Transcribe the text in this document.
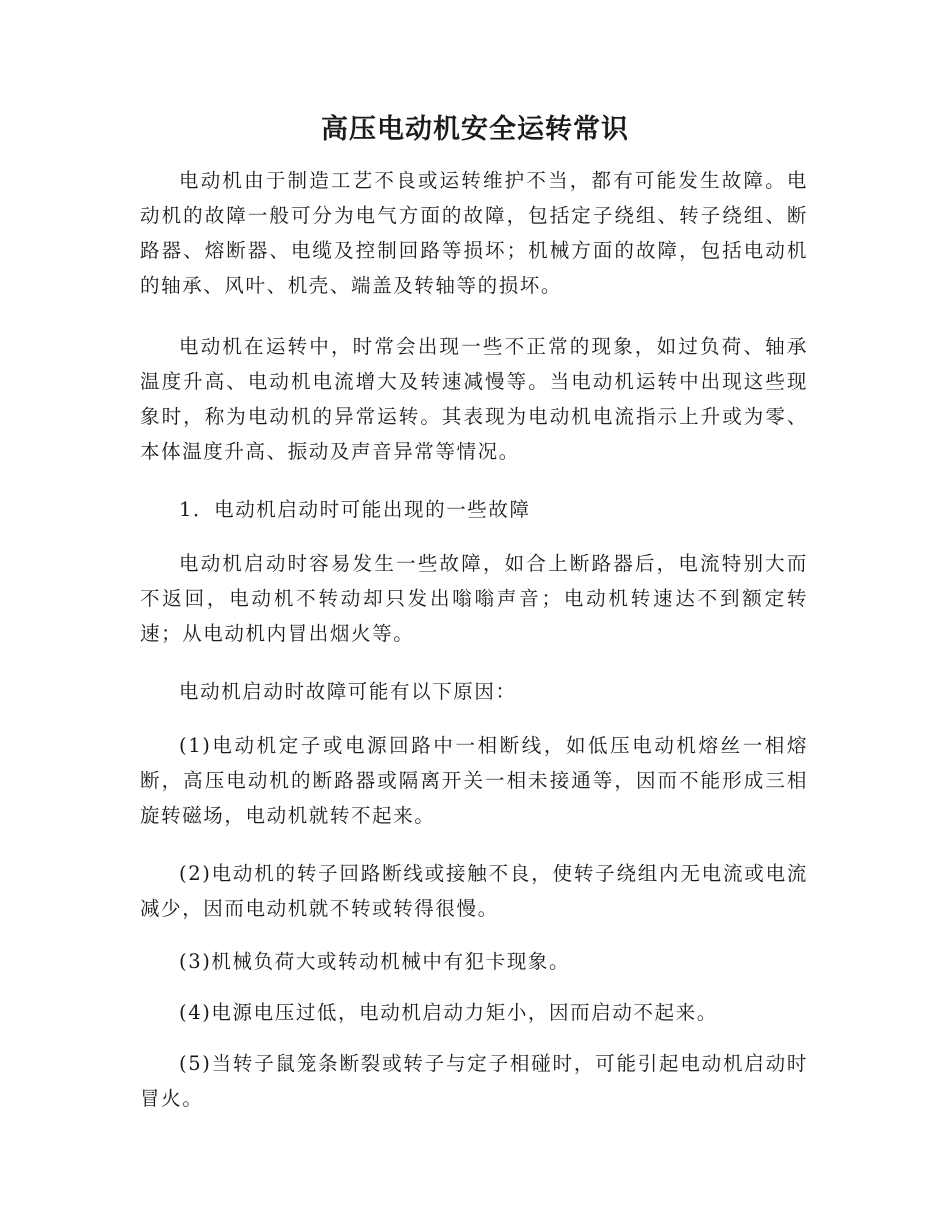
高压电动机安全运转常识

电动机由于制造工艺不良或运转维护不当，都有可能发生故障。电动机的故障一般可分为电气方面的故障，包括定子绕组、转子绕组、断路器、熔断器、电缆及控制回路等损坏；机械方面的故障，包括电动机的轴承、风叶、机壳、端盖及转轴等的损坏。

电动机在运转中，时常会出现一些不正常的现象，如过负荷、轴承温度升高、电动机电流增大及转速减慢等。当电动机运转中出现这些现象时，称为电动机的异常运转。其表现为电动机电流指示上升或为零、本体温度升高、振动及声音异常等情况。

1．电动机启动时可能出现的一些故障

电动机启动时容易发生一些故障，如合上断路器后，电流特别大而不返回，电动机不转动却只发出嗡嗡声音；电动机转速达不到额定转速；从电动机内冒出烟火等。

电动机启动时故障可能有以下原因：

(1)电动机定子或电源回路中一相断线，如低压电动机熔丝一相熔断，高压电动机的断路器或隔离开关一相未接通等，因而不能形成三相旋转磁场，电动机就转不起来。

(2)电动机的转子回路断线或接触不良，使转子绕组内无电流或电流减少，因而电动机就不转或转得很慢。

(3)机械负荷大或转动机械中有犯卡现象。

(4)电源电压过低，电动机启动力矩小，因而启动不起来。

(5)当转子鼠笼条断裂或转子与定子相碰时，可能引起电动机启动时冒火。
